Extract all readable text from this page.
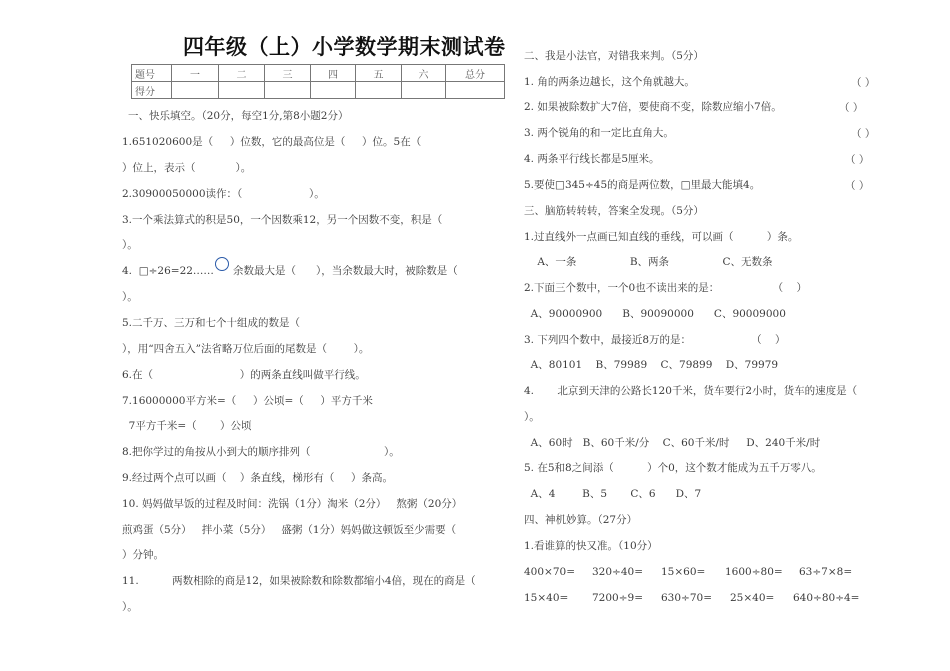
四年级（上）小学数学期末测试卷
题号	一	二	三	四	五	六	总分
得分							
一、快乐填空。（20分，每空1分,第8小题2分）
1.651020600是（     ）位数，它的最高位是（     ）位。5在（
）位上，表示（            ）。
2.30900050000读作：（                    ）。
3.一个乘法算式的积是50，一个因数乘12，另一个因数不变，积是（
）。
4.  □÷26=22…… ○ 余数最大是（      ），当余数最大时，被除数是（
）。
5.二千万、三万和七个十组成的数是（
），用“四舍五入”法省略万位后面的尾数是（        ）。
6.在（                          ）的两条直线叫做平行线。
7.16000000平方米=（     ）公顷=（     ）平方千米
7平方千米=（       ）公顷
8.把你学过的角按从小到大的顺序排列（                      ）。
9.经过两个点可以画（    ）条直线，梯形有（     ）条高。
10. 妈妈做早饭的过程及时间：洗锅（1分）淘米（2分）   熬粥（20分）
煎鸡蛋（5分）   拌小菜（5分）   盛粥（1分）妈妈做这顿饭至少需要（
）分钟。
11.          两数相除的商是12，如果被除数和除数都缩小4倍，现在的商是（
）。
二、我是小法官，对错我来判。（5分）
1. 角的两条边越长，这个角就越大。	（ ）
2. 如果被除数扩大7倍，要使商不变，除数应缩小7倍。	（ ）
3. 两个锐角的和一定比直角大。	（ ）
4. 两条平行线长都是5厘米。	（ ）
5.要使□345÷45的商是两位数，□里最大能填4。	（ ）
三、脑筋转转转，答案全发现。（5分）
1.过直线外一点画已知直线的垂线，可以画（          ）条。
A、一条                B、两条                C、无数条
2.下面三个数中，一个0也不读出来的是：                （    ）
A、90000900      B、90090000      C、90009000
3. 下列四个数中，最接近8万的是：                  （    ）
A、80101    B、79989    C、79899    D、79979
4.       北京到天津的公路长120千米，货车要行2小时，货车的速度是（
）。
A、60时   B、60千米/分    C、60千米/时     D、240千米/时
5. 在5和8之间添（          ）个0，这个数才能成为五千万零八。
A、4        B、5       C、6      D、7
四、神机妙算。（27分）
1.看谁算的快又准。（10分）
400×70= 320÷40= 15×60= 1600÷80= 63÷7×8=
15×40= 7200÷9= 630÷70= 25×40= 640÷80÷4=
